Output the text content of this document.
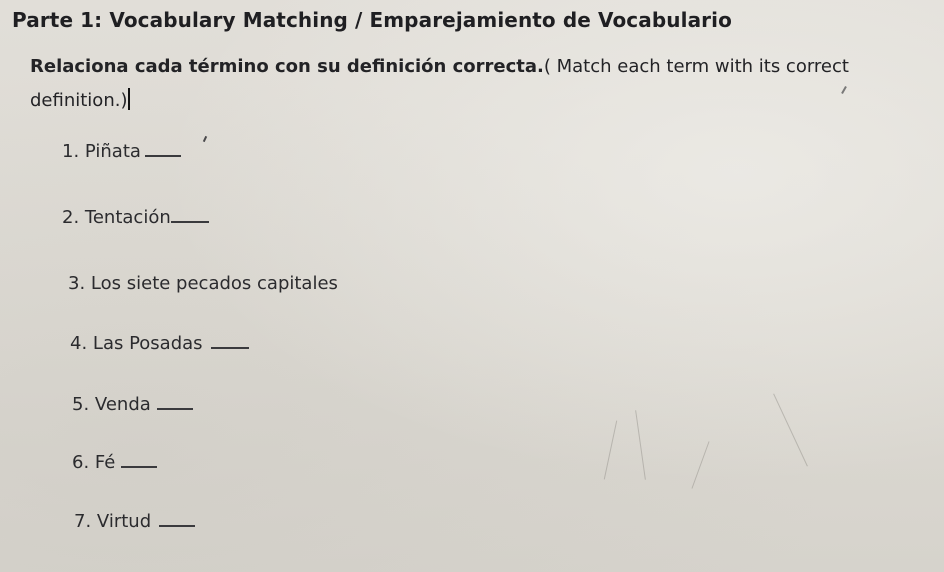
Parte 1: Vocabulary Matching / Emparejamiento de Vocabulario
Relaciona cada término con su definición correcta.( Match each term with its correct definition.)
1. Piñata
2. Tentación
3. Los siete pecados capitales
4. Las Posadas
5. Venda
6. Fé
7. Virtud
